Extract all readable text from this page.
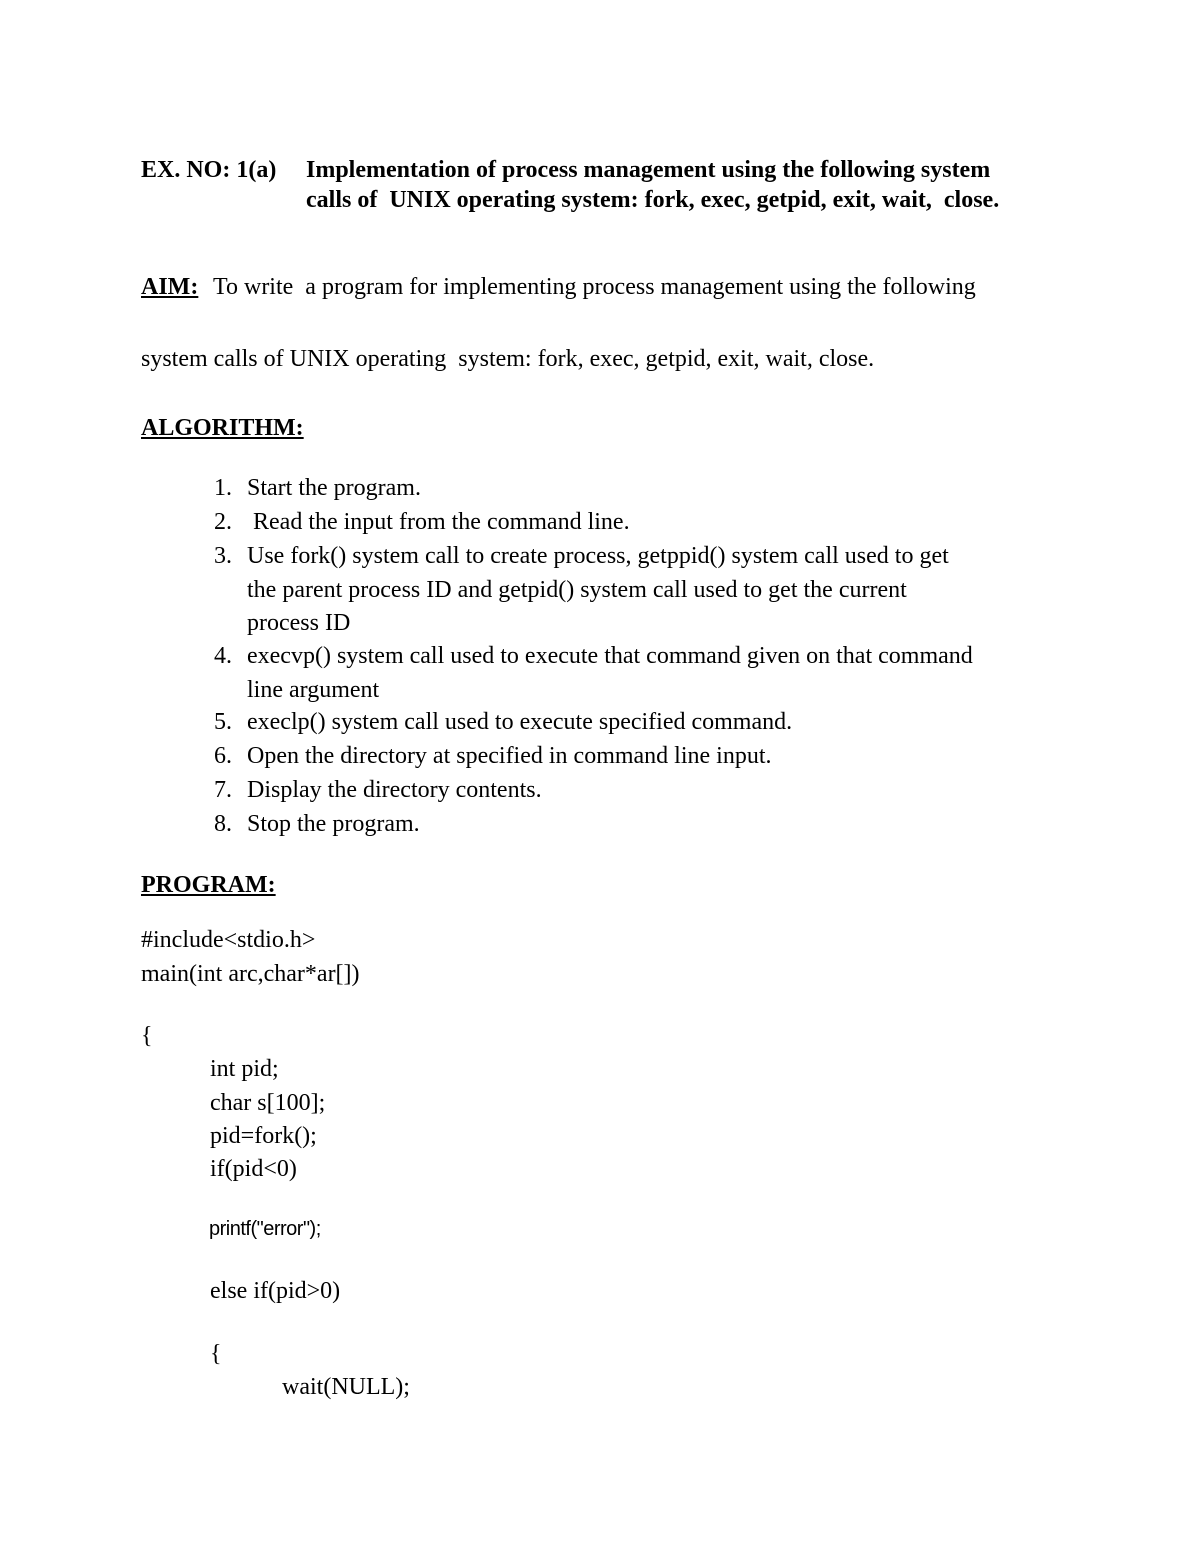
EX. NO: 1(a) Implementation of process management using the following system
calls of  UNIX operating system: fork, exec, getpid, exit, wait,  close.
AIM: To write  a program for implementing process management using the following
system calls of UNIX operating  system: fork, exec, getpid, exit, wait, close.
ALGORITHM:
1. Start the program.
2. Read the input from the command line.
3. Use fork() system call to create process, getppid() system call used to get
the parent process ID and getpid() system call used to get the current
process ID
4. execvp() system call used to execute that command given on that command
line argument
5. execlp() system call used to execute specified command.
6. Open the directory at specified in command line input.
7. Display the directory contents.
8. Stop the program.
PROGRAM:
#include<stdio.h>
main(int arc,char*ar[])
{
int pid;
char s[100];
pid=fork();
if(pid<0)
printf("error");
else if(pid>0)
{
wait(NULL);
